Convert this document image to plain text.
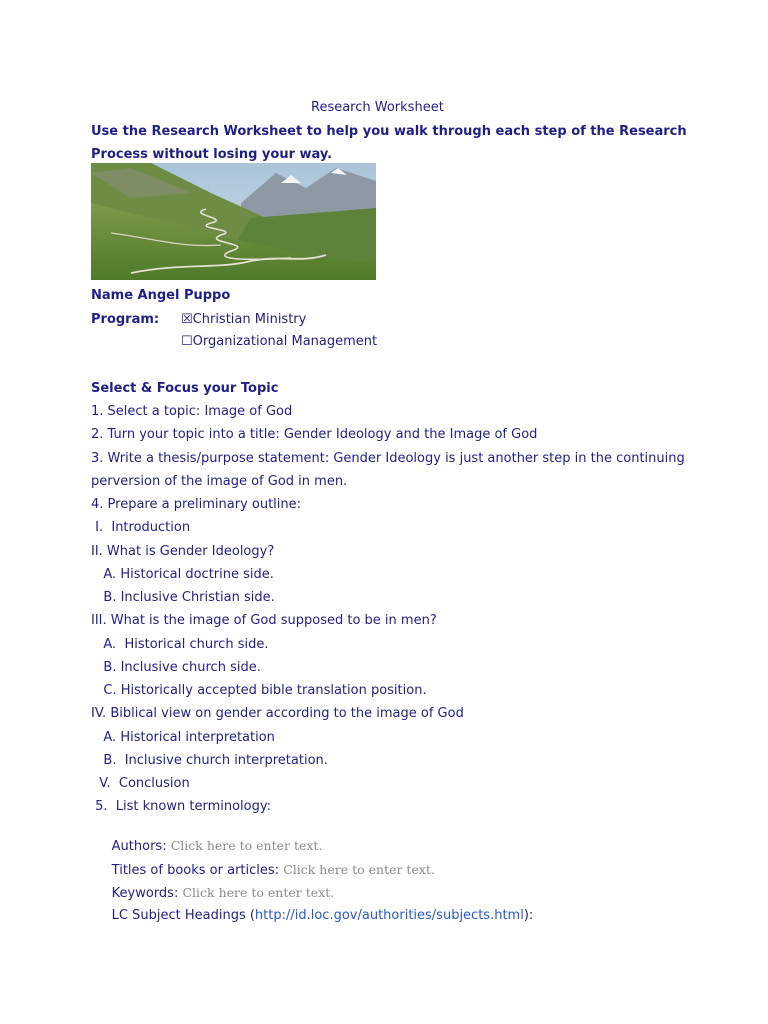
Research Worksheet
Use the Research Worksheet to help you walk through each step of the Research
Process without losing your way.
Name Angel Puppo
Program: ☒Christian Ministry
☐Organizational Management
Select & Focus your Topic
1. Select a topic: Image of God
2. Turn your topic into a title: Gender Ideology and the Image of God
3. Write a thesis/purpose statement: Gender Ideology is just another step in the continuing
perversion of the image of God in men.
4. Prepare a preliminary outline:
I.  Introduction
II. What is Gender Ideology?
A. Historical doctrine side.
B. Inclusive Christian side.
III. What is the image of God supposed to be in men?
A.  Historical church side.
B. Inclusive church side.
C. Historically accepted bible translation position.
IV. Biblical view on gender according to the image of God
A. Historical interpretation
B.  Inclusive church interpretation.
V.  Conclusion
5.  List known terminology:

Authors: Click here to enter text.

Titles of books or articles: Click here to enter text.

Keywords: Click here to enter text.

LC Subject Headings (http://id.loc.gov/authorities/subjects.html):
